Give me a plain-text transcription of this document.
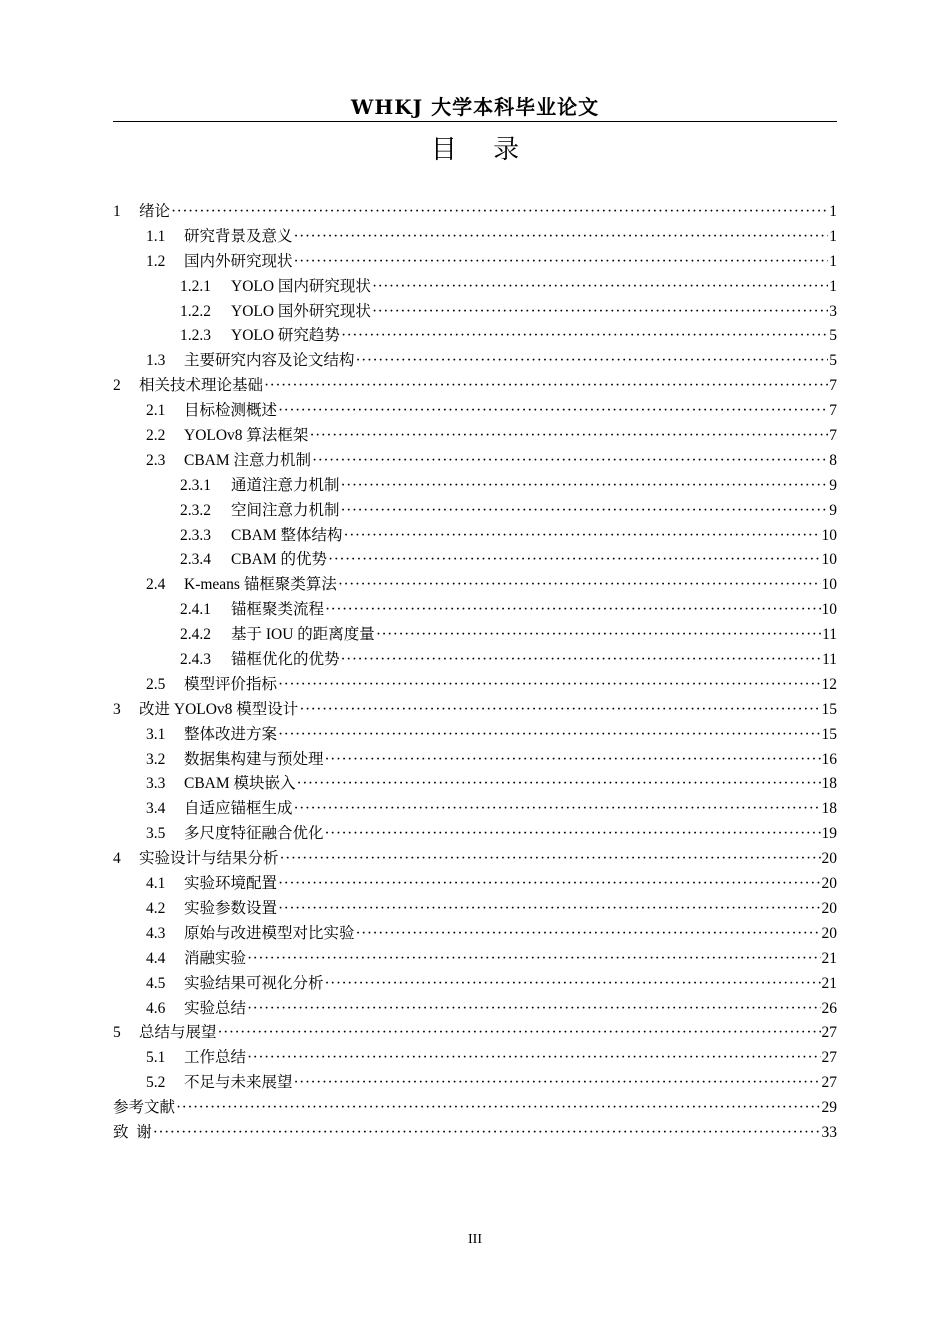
WHKJ 大学本科毕业论文
目 录
1	绪论 ·····	1
1.1	研究背景及意义 ·····	1
1.2	国内外研究现状 ·····	1
1.2.1	YOLO 国内研究现状 ·····	1
1.2.2	YOLO 国外研究现状 ·····	3
1.2.3	YOLO 研究趋势 ·····	5
1.3	主要研究内容及论文结构 ·····	5
2	相关技术理论基础 ·····	7
2.1	目标检测概述 ·····	7
2.2	YOLOv8 算法框架 ·····	7
2.3	CBAM 注意力机制 ·····	8
2.3.1	通道注意力机制 ·····	9
2.3.2	空间注意力机制 ·····	9
2.3.3	CBAM 整体结构 ·····	10
2.3.4	CBAM 的优势 ·····	10
2.4	K-means 锚框聚类算法 ·····	10
2.4.1	锚框聚类流程 ·····	10
2.4.2	基于 IOU 的距离度量 ·····	11
2.4.3	锚框优化的优势 ·····	11
2.5	模型评价指标 ·····	12
3	改进 YOLOv8 模型设计 ·····	15
3.1	整体改进方案 ·····	15
3.2	数据集构建与预处理 ·····	16
3.3	CBAM 模块嵌入 ·····	18
3.4	自适应锚框生成 ·····	18
3.5	多尺度特征融合优化 ·····	19
4	实验设计与结果分析 ·····	20
4.1	实验环境配置 ·····	20
4.2	实验参数设置 ·····	20
4.3	原始与改进模型对比实验 ·····	20
4.4	消融实验 ·····	21
4.5	实验结果可视化分析 ·····	21
4.6	实验总结 ·····	26
5	总结与展望 ·····	27
5.1	工作总结 ·····	27
5.2	不足与未来展望 ·····	27
参考文献 ·····	29
致  谢 ·····	33
III
